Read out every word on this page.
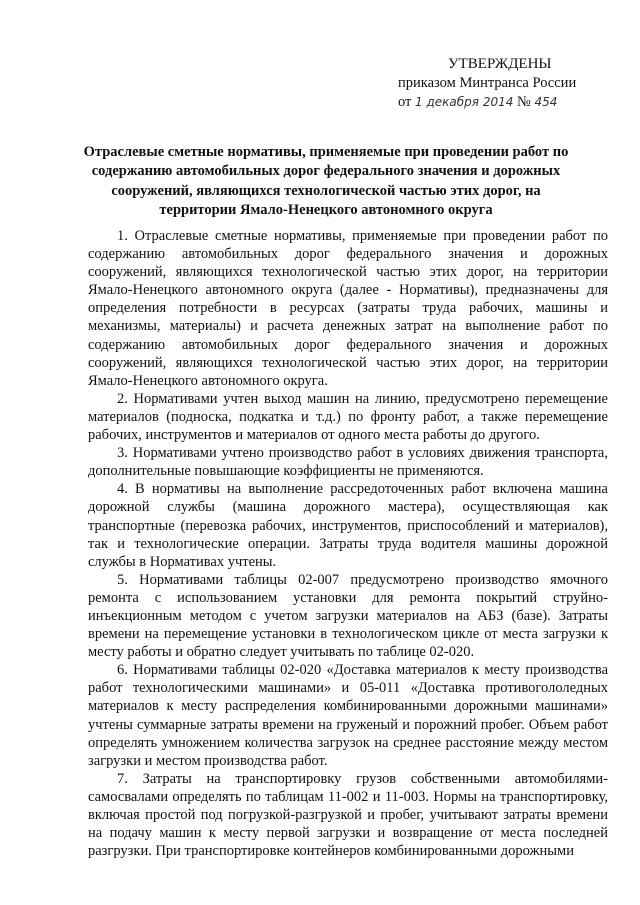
УТВЕРЖДЕНЫ
приказом Минтранса России
от 1 декабря 2014 № 454
Отраслевые сметные нормативы, применяемые при проведении работ по содержанию автомобильных дорог федерального значения и дорожных сооружений, являющихся технологической частью этих дорог, на территории Ямало-Ненецкого автономного округа

1. Отраслевые сметные нормативы, применяемые при проведении работ по содержанию автомобильных дорог федерального значения и дорожных сооружений, являющихся технологической частью этих дорог, на территории Ямало-Ненецкого автономного округа (далее - Нормативы), предназначены для определения потребности в ресурсах (затраты труда рабочих, машины и механизмы, материалы) и расчета денежных затрат на выполнение работ по содержанию автомобильных дорог федерального значения и дорожных сооружений, являющихся технологической частью этих дорог, на территории Ямало-Ненецкого автономного округа.

2. Нормативами учтен выход машин на линию, предусмотрено перемещение материалов (подноска, подкатка и т.д.) по фронту работ, а также перемещение рабочих, инструментов и материалов от одного места работы до другого.

3. Нормативами учтено производство работ в условиях движения транспорта, дополнительные повышающие коэффициенты не применяются.

4. В нормативы на выполнение рассредоточенных работ включена машина дорожной службы (машина дорожного мастера), осуществляющая как транспортные (перевозка рабочих, инструментов, приспособлений и материалов), так и технологические операции. Затраты труда водителя машины дорожной службы в Нормативах учтены.

5. Нормативами таблицы 02-007 предусмотрено производство ямочного ремонта с использованием установки для ремонта покрытий струйно-инъекционным методом с учетом загрузки материалов на АБЗ (базе). Затраты времени на перемещение установки в технологическом цикле от места загрузки к месту работы и обратно следует учитывать по таблице 02-020.

6. Нормативами таблицы 02-020 «Доставка материалов к месту производства работ технологическими машинами» и 05-011 «Доставка противогололедных материалов к месту распределения комбинированными дорожными машинами» учтены суммарные затраты времени на груженый и порожний пробег. Объем работ определять умножением количества загрузок на среднее расстояние между местом загрузки и местом производства работ.

7. Затраты на транспортировку грузов собственными автомобилями-самосвалами определять по таблицам 11-002 и 11-003. Нормы на транспортировку, включая простой под погрузкой-разгрузкой и пробег, учитывают затраты времени на подачу машин к месту первой загрузки и возвращение от места последней разгрузки. При транспортировке контейнеров комбинированными дорожными
